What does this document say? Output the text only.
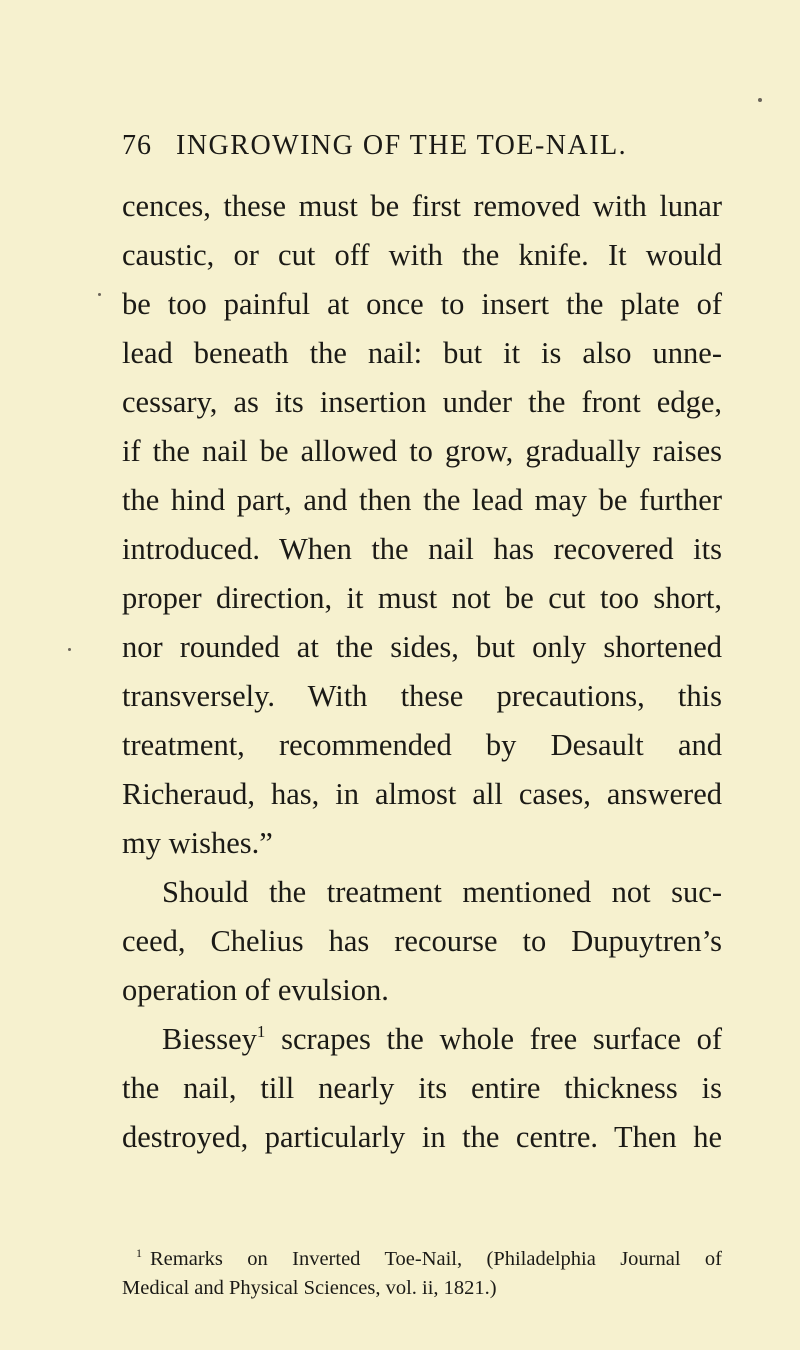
76 INGROWING OF THE TOE-NAIL.
cences, these must be first removed with lunar
caustic, or cut off with the knife. It would
be too painful at once to insert the plate of
lead beneath the nail: but it is also unne-
cessary, as its insertion under the front edge,
if the nail be allowed to grow, gradually raises
the hind part, and then the lead may be further
introduced. When the nail has recovered its
proper direction, it must not be cut too short,
nor rounded at the sides, but only shortened
transversely. With these precautions, this
treatment, recommended by Desault and
Richeraud, has, in almost all cases, answered
my wishes.”
Should the treatment mentioned not suc-
ceed, Chelius has recourse to Dupuytren’s
operation of evulsion.
Biessey$^1$ scrapes the whole free surface of
the nail, till nearly its entire thickness is
destroyed, particularly in the centre. Then he
$^1$ Remarks on Inverted Toe-Nail, (Philadelphia Journal of
Medical and Physical Sciences, vol. ii, 1821.)
